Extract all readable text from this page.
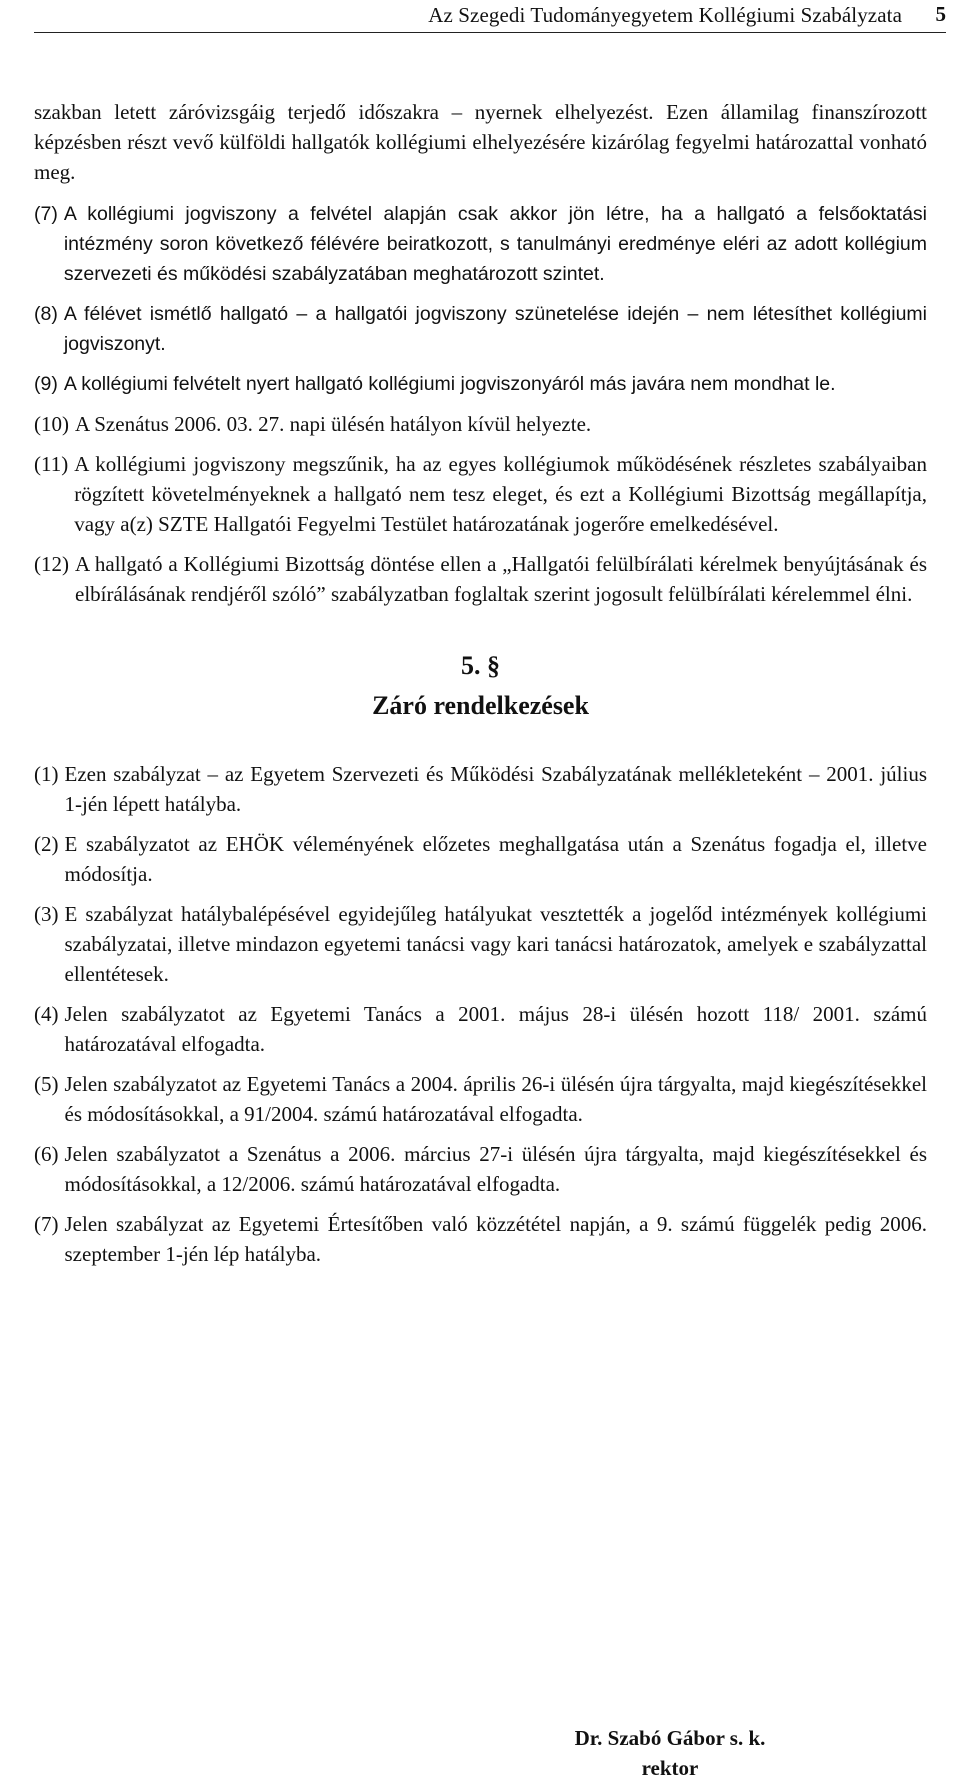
Az Szegedi Tudományegyetem Kollégiumi Szabályzata 5

szakban letett záróvizsgáig terjedő időszakra – nyernek elhelyezést. Ezen államilag finanszírozott képzésben részt vevő külföldi hallgatók kollégiumi elhelyezésére kizárólag fegyelmi határozattal vonható meg.

(7) A kollégiumi jogviszony a felvétel alapján csak akkor jön létre, ha a hallgató a felsőoktatási intézmény soron következő félévére beiratkozott, s tanulmányi eredménye eléri az adott kollégium szervezeti és működési szabályzatában meghatározott szintet.
(8) A félévet ismétlő hallgató – a hallgatói jogviszony szünetelése idején – nem létesíthet kollégiumi jogviszonyt.
(9) A kollégiumi felvételt nyert hallgató kollégiumi jogviszonyáról más javára nem mondhat le.
(10) A Szenátus 2006. 03. 27. napi ülésén hatályon kívül helyezte.
(11) A kollégiumi jogviszony megszűnik, ha az egyes kollégiumok működésének részletes szabályaiban rögzített követelményeknek a hallgató nem tesz eleget, és ezt a Kollégiumi Bizottság megállapítja, vagy a(z) SZTE Hallgatói Fegyelmi Testület határozatának jogerőre emelkedésével.
(12) A hallgató a Kollégiumi Bizottság döntése ellen a „Hallgatói felülbírálati kérelmek benyújtásának és elbírálásának rendjéről szóló” szabályzatban foglaltak szerint jogosult felülbírálati kérelemmel élni.
5. §
Záró rendelkezések
(1) Ezen szabályzat – az Egyetem Szervezeti és Működési Szabályzatának mellékleteként – 2001. július 1-jén lépett hatályba.
(2) E szabályzatot az EHÖK véleményének előzetes meghallgatása után a Szenátus fogadja el, illetve módosítja.
(3) E szabályzat hatálybalépésével egyidejűleg hatályukat vesztették a jogelőd intézmények kollégiumi szabályzatai, illetve mindazon egyetemi tanácsi vagy kari tanácsi határozatok, amelyek e szabályzattal ellentétesek.
(4) Jelen szabályzatot az Egyetemi Tanács a 2001. május 28-i ülésén hozott 118/ 2001. számú határozatával elfogadta.
(5) Jelen szabályzatot az Egyetemi Tanács a 2004. április 26-i ülésén újra tárgyalta, majd kiegészítésekkel és módosításokkal, a 91/2004. számú határozatával elfogadta.
(6) Jelen szabályzatot a Szenátus a 2006. március 27-i ülésén újra tárgyalta, majd kiegészítésekkel és módosításokkal, a 12/2006. számú határozatával elfogadta.
(7) Jelen szabályzat az Egyetemi Értesítőben való közzététel napján, a 9. számú függelék pedig 2006. szeptember 1-jén lép hatályba.
Dr. Szabó Gábor s. k.
rektor
